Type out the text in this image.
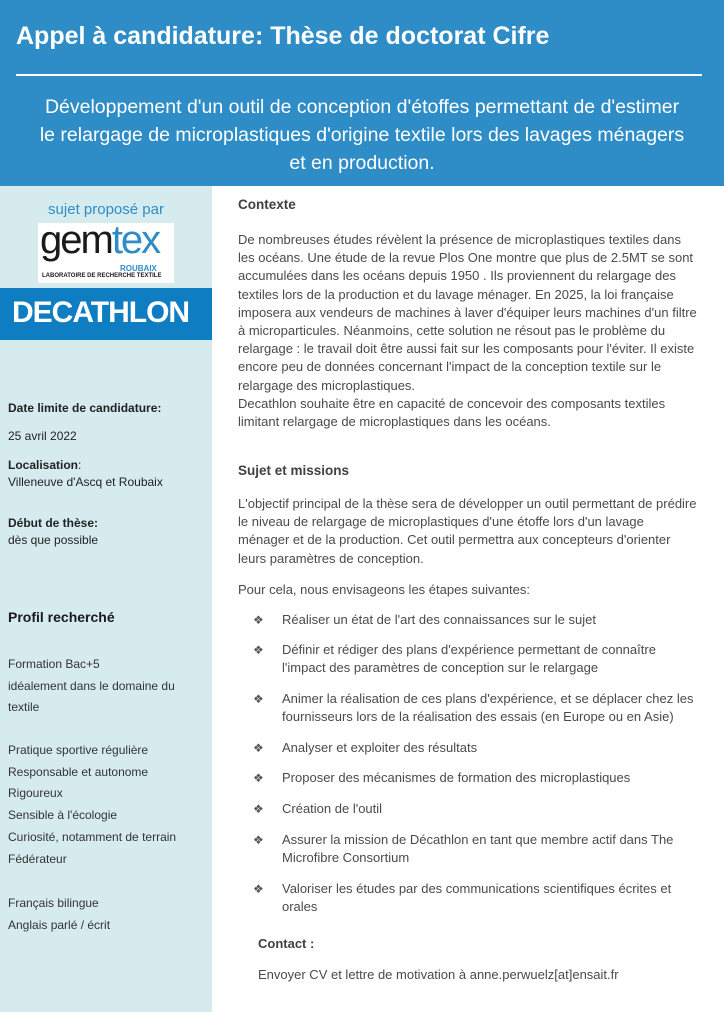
Appel à candidature: Thèse de doctorat Cifre
Développement d'un outil de conception d'étoffes permettant de d'estimer
le relargage de microplastiques d'origine textile lors des lavages ménagers
et en production.
sujet proposé par
gemtex
ROUBAIX
LABORATOIRE DE RECHERCHE TEXTILE
DECATHLON
Date limite de candidature:
25 avril 2022
Localisation:
Villeneuve d'Ascq et Roubaix
Début de thèse:
dès que possible
Profil recherché
Formation Bac+5
idéalement dans le domaine du
textile
Pratique sportive régulière
Responsable et autonome
Rigoureux
Sensible à l'écologie
Curiosité, notamment de terrain
Fédérateur
Français bilingue
Anglais parlé / écrit
Contexte
De nombreuses études révèlent la présence de microplastiques textiles dans
les océans. Une étude de la revue Plos One montre que plus de 2.5MT se sont
accumulées dans les océans depuis 1950 . Ils proviennent du relargage des
textiles lors de la production et du lavage ménager. En 2025, la loi française
imposera aux vendeurs de machines à laver d'équiper leurs machines d'un filtre
à microparticules. Néanmoins, cette solution ne résout pas le problème du
relargage : le travail doit être aussi fait sur les composants pour l'éviter. Il existe
encore peu de données concernant l'impact de la conception textile sur le
relargage des microplastiques.
Decathlon souhaite être en capacité de concevoir des composants textiles
limitant relargage de microplastiques dans les océans.
Sujet et missions
L'objectif principal de la thèse sera de développer un outil permettant de prédire
le niveau de relargage de microplastiques d'une étoffe lors d'un lavage
ménager et de la production. Cet outil permettra aux concepteurs d'orienter
leurs paramètres de conception.
Pour cela, nous envisageons les étapes suivantes:
❖ Réaliser un état de l'art des connaissances sur le sujet
❖ Définir et rédiger des plans d'expérience permettant de connaître
l'impact des paramètres de conception sur le relargage
❖ Animer la réalisation de ces plans d'expérience, et se déplacer chez les
fournisseurs lors de la réalisation des essais (en Europe ou en Asie)
❖ Analyser et exploiter des résultats
❖ Proposer des mécanismes de formation des microplastiques
❖ Création de l'outil
❖ Assurer la mission de Décathlon en tant que membre actif dans The
Microfibre Consortium
❖ Valoriser les études par des communications scientifiques écrites et
orales
Contact :
Envoyer CV et lettre de motivation à anne.perwuelz[at]ensait.fr
